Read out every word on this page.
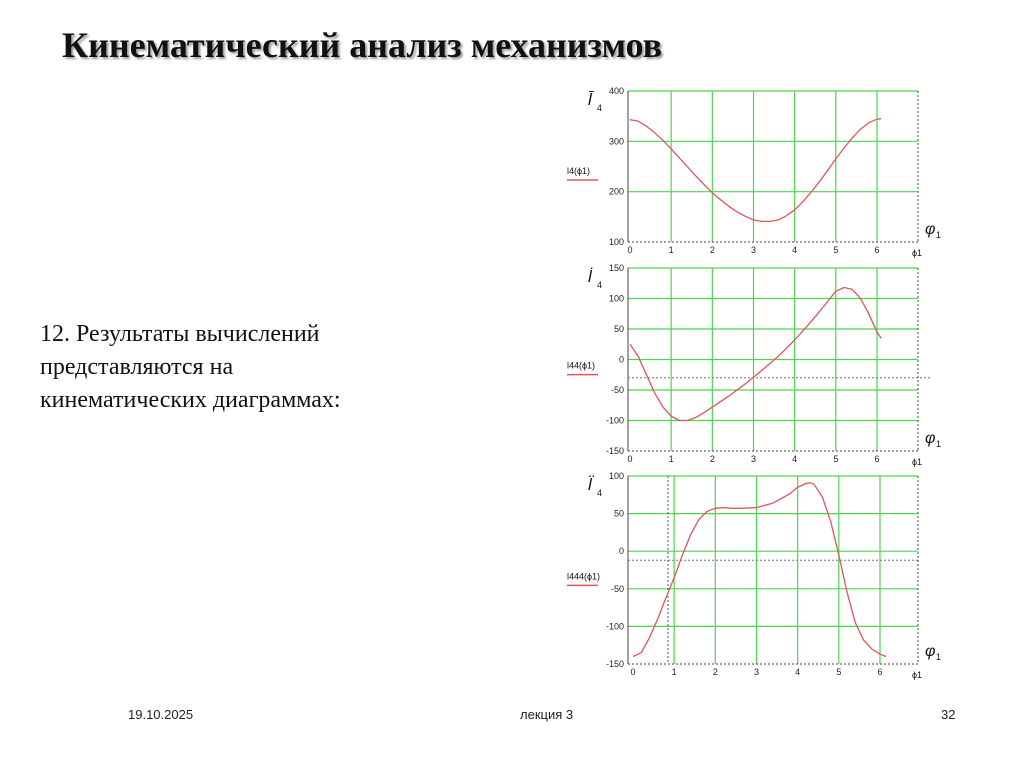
Кинематический анализ механизмов
12. Результаты вычислений
представляются на
кинематических диаграммах:
100
200
300
400
0	1	2	3	4	5	6
l̄ 4
l4(ϕ1)
φ 1
ϕ1
-150
-100
-50
0
50
100
150
0	1	2	3	4	5	6
l̇ 4
l44(ϕ1)
φ 1
ϕ1
-150
-100
-50
0
50
100
0	1	2	3	4	5	6
l̈ 4
l444(ϕ1)
φ 1
ϕ1
19.10.2025	лекция 3	32
